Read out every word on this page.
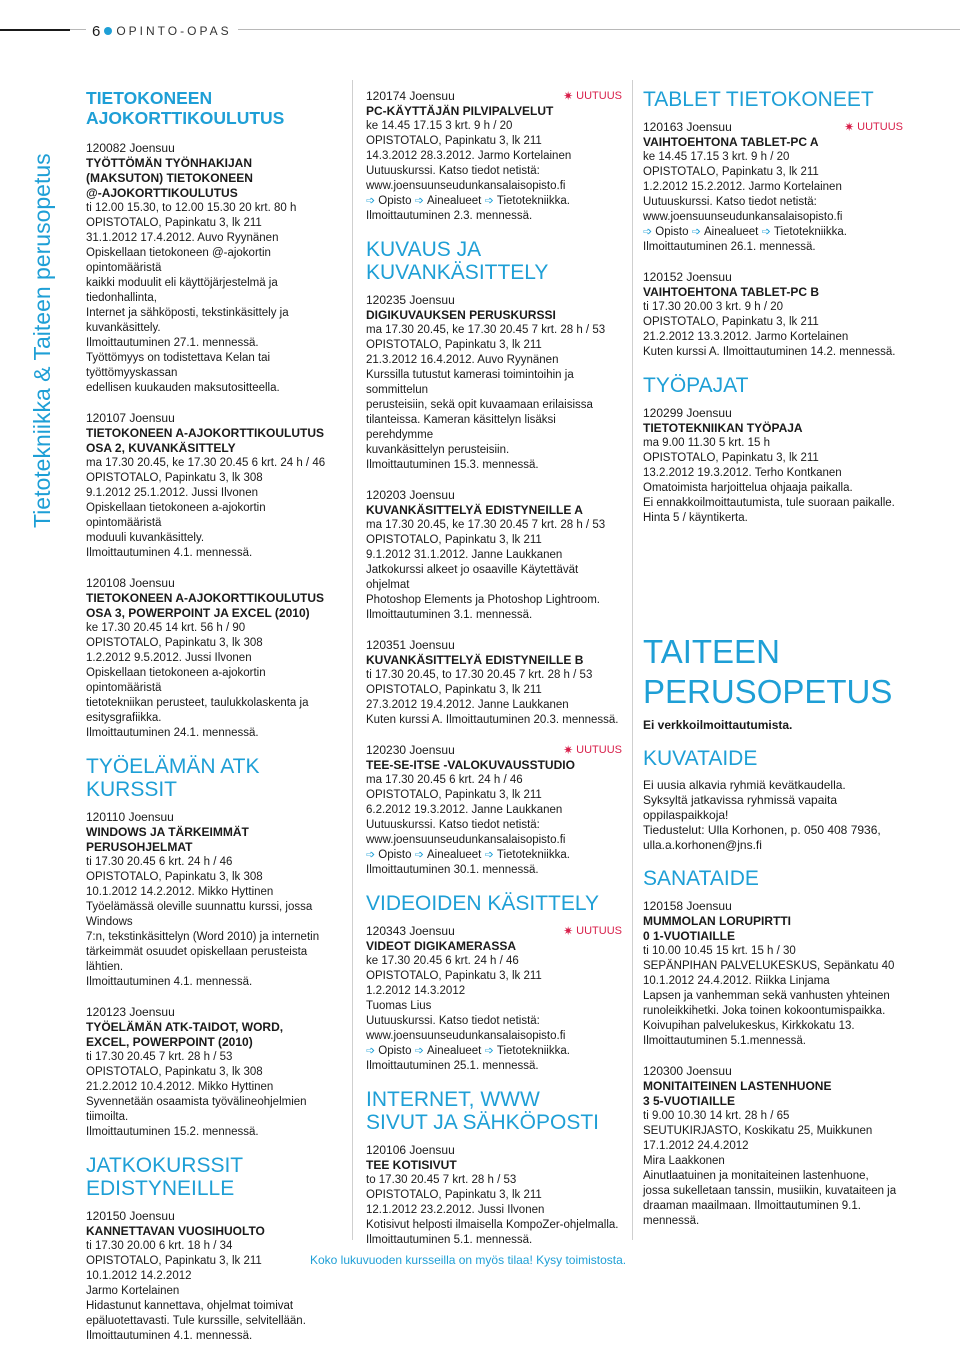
6 OPINTO-OPAS
Tietotekniikka & Taiteen perusopetus
TIETOKONEEN AJOKORTTIKOULUTUS
120082 Joensuu
TYÖTTÖMÄN TYÖNHAKIJAN
(MAKSUTON) TIETOKONEEN
@-AJOKORTTIKOULUTUS
ti 12.00 15.30, to 12.00 15.30 20 krt. 80 h
OPISTOTALO, Papinkatu 3, lk 211
31.1.2012 17.4.2012. Auvo Ryynänen
Opiskellaan tietokoneen @-ajokortin opintomääristä
kaikki moduulit eli käyttöjärjestelmä ja tiedonhallinta,
Internet ja sähköposti, tekstinkäsittely ja
kuvankäsittely.
Ilmoittautuminen 27.1. mennessä.
Työttömyys on todistettava Kelan tai työttömyyskassan
edellisen kuukauden maksutositteella.
120107 Joensuu
TIETOKONEEN A-AJOKORTTIKOULUTUS
OSA 2, KUVANKÄSITTELY
ma 17.30 20.45, ke 17.30 20.45 6 krt. 24 h / 46
OPISTOTALO, Papinkatu 3, lk 308
9.1.2012 25.1.2012. Jussi Ilvonen
Opiskellaan tietokoneen a-ajokortin opintomääristä
moduuli kuvankäsittely.
Ilmoittautuminen 4.1. mennessä.
120108 Joensuu
TIETOKONEEN A-AJOKORTTIKOULUTUS
OSA 3, POWERPOINT JA EXCEL (2010)
ke 17.30 20.45 14 krt. 56 h / 90
OPISTOTALO, Papinkatu 3, lk 308
1.2.2012 9.5.2012. Jussi Ilvonen
Opiskellaan tietokoneen a-ajokortin opintomääristä
tietotekniikan perusteet, taulukkolaskenta ja
esitysgrafiikka.
Ilmoittautuminen 24.1. mennessä.
TYÖELÄMÄN ATK KURSSIT
120110 Joensuu
WINDOWS JA TÄRKEIMMÄT
PERUSOHJELMAT
ti 17.30 20.45 6 krt. 24 h / 46
OPISTOTALO, Papinkatu 3, lk 308
10.1.2012 14.2.2012. Mikko Hyttinen
Työelämässä oleville suunnattu kurssi, jossa Windows
7:n, tekstinkäsittelyn (Word 2010) ja internetin
tärkeimmät osuudet opiskellaan perusteista lähtien.
Ilmoittautuminen 4.1. mennessä.
120123 Joensuu
TYÖELÄMÄN ATK-TAIDOT, WORD,
EXCEL, POWERPOINT (2010)
ti 17.30 20.45 7 krt. 28 h / 53
OPISTOTALO, Papinkatu 3, lk 308
21.2.2012 10.4.2012. Mikko Hyttinen
Syvennetään osaamista työvälineohjelmien tiimoilta.
Ilmoittautuminen 15.2. mennessä.
JATKOKURSSIT EDISTYNEILLE
120150 Joensuu
KANNETTAVAN VUOSIHUOLTO
ti 17.30 20.00 6 krt. 18 h / 34
OPISTOTALO, Papinkatu 3, lk 211
10.1.2012 14.2.2012
Jarmo Kortelainen
Hidastunut kannettava, ohjelmat toimivat
epäluotettavasti. Tule kurssille, selvitellään.
Ilmoittautuminen 4.1. mennessä.
120174 Joensuu	✷ UUTUUS
PC-KÄYTTÄJÄN PILVIPALVELUT
ke 14.45 17.15 3 krt. 9 h / 20
OPISTOTALO, Papinkatu 3, lk 211
14.3.2012 28.3.2012. Jarmo Kortelainen
Uutuuskurssi. Katso tiedot netistä:
www.joensuunseudunkansalaisopisto.fi
➩ Opisto ➩ Ainealueet ➩ Tietotekniikka.
Ilmoittautuminen 2.3. mennessä.
KUVAUS JA KUVANKÄSITTELY
120235 Joensuu
DIGIKUVAUKSEN PERUSKURSSI
ma 17.30 20.45, ke 17.30 20.45 7 krt. 28 h / 53
OPISTOTALO, Papinkatu 3, lk 211
21.3.2012 16.4.2012. Auvo Ryynänen
Kurssilla tutustut kamerasi toimintoihin ja sommittelun
perusteisiin, sekä opit kuvaamaan erilaisissa
tilanteissa. Kameran käsittelyn lisäksi perehdymme
kuvankäsittelyn perusteisiin.
Ilmoittautuminen 15.3. mennessä.
120203 Joensuu
KUVANKÄSITTELYÄ EDISTYNEILLE A
ma 17.30 20.45, ke 17.30 20.45 7 krt. 28 h / 53
OPISTOTALO, Papinkatu 3, lk 211
9.1.2012 31.1.2012. Janne Laukkanen
Jatkokurssi alkeet jo osaaville Käytettävät ohjelmat
Photoshop Elements ja Photoshop Lightroom.
Ilmoittautuminen 3.1. mennessä.
120351 Joensuu
KUVANKÄSITTELYÄ EDISTYNEILLE B
ti 17.30 20.45, to 17.30 20.45 7 krt. 28 h / 53
OPISTOTALO, Papinkatu 3, lk 211
27.3.2012 19.4.2012. Janne Laukkanen
Kuten kurssi A. Ilmoittautuminen 20.3. mennessä.
120230 Joensuu	✷ UUTUUS
TEE-SE-ITSE -VALOKUVAUSSTUDIO
ma 17.30 20.45 6 krt. 24 h / 46
OPISTOTALO, Papinkatu 3, lk 211
6.2.2012 19.3.2012. Janne Laukkanen
Uutuuskurssi. Katso tiedot netistä:
www.joensuunseudunkansalaisopisto.fi
➩ Opisto ➩ Ainealueet ➩ Tietotekniikka.
Ilmoittautuminen 30.1. mennessä.
VIDEOIDEN KÄSITTELY
120343 Joensuu	✷ UUTUUS
VIDEOT DIGIKAMERASSA
ke 17.30 20.45 6 krt. 24 h / 46
OPISTOTALO, Papinkatu 3, lk 211
1.2.2012 14.3.2012
Tuomas Lius
Uutuuskurssi. Katso tiedot netistä:
www.joensuunseudunkansalaisopisto.fi
➩ Opisto ➩ Ainealueet ➩ Tietotekniikka.
Ilmoittautuminen 25.1. mennessä.
INTERNET, WWW SIVUT JA SÄHKÖPOSTI
120106 Joensuu
TEE KOTISIVUT
to 17.30 20.45 7 krt. 28 h / 53
OPISTOTALO, Papinkatu 3, lk 211
12.1.2012 23.2.2012. Jussi Ilvonen
Kotisivut helposti ilmaisella KompoZer-ohjelmalla.
Ilmoittautuminen 5.1. mennessä.
TABLET TIETOKONEET
120163 Joensuu	✷ UUTUUS
VAIHTOEHTONA TABLET-PC A
ke 14.45 17.15 3 krt. 9 h / 20
OPISTOTALO, Papinkatu 3, lk 211
1.2.2012 15.2.2012. Jarmo Kortelainen
Uutuuskurssi. Katso tiedot netistä:
www.joensuunseudunkansalaisopisto.fi
➩ Opisto ➩ Ainealueet ➩ Tietotekniikka.
Ilmoittautuminen 26.1. mennessä.
120152 Joensuu
VAIHTOEHTONA TABLET-PC B
ti 17.30 20.00 3 krt. 9 h / 20
OPISTOTALO, Papinkatu 3, lk 211
21.2.2012 13.3.2012. Jarmo Kortelainen
Kuten kurssi A. Ilmoittautuminen 14.2. mennessä.
TYÖPAJAT
120299 Joensuu
TIETOTEKNIIKAN TYÖPAJA
ma 9.00 11.30 5 krt. 15 h
OPISTOTALO, Papinkatu 3, lk 211
13.2.2012 19.3.2012. Terho Kontkanen
Omatoimista harjoittelua ohjaaja paikalla.
Ei ennakkoilmoittautumista, tule suoraan paikalle.
Hinta 5 / käyntikerta.
TAITEEN
PERUSOPETUS
Ei verkkoilmoittautumista.
KUVATAIDE
Ei uusia alkavia ryhmiä kevätkaudella.
Syksyltä jatkavissa ryhmissä vapaita oppilaspaikkoja!
Tiedustelut: Ulla Korhonen, p. 050 408 7936,
ulla.a.korhonen@jns.fi
SANATAIDE
120158 Joensuu
MUMMOLAN LORUPIRTTI
0 1-VUOTIAILLE
ti 10.00 10.45 15 krt. 15 h / 30
SEPÄNPIHAN PALVELUKESKUS, Sepänkatu 40
10.1.2012 24.4.2012. Riikka Linjama
Lapsen ja vanhemman sekä vanhusten yhteinen
runoleikkihetki. Joka toinen kokoontumispaikka.
Koivupihan palvelukeskus, Kirkkokatu 13.
Ilmoittautuminen 5.1.mennessä.
120300 Joensuu
MONITAITEINEN LASTENHUONE
3 5-VUOTIAILLE
ti 9.00 10.30 14 krt. 28 h / 65
SEUTUKIRJASTO, Koskikatu 25, Muikkunen
17.1.2012 24.4.2012
Mira Laakkonen
Ainutlaatuinen ja monitaiteinen lastenhuone,
jossa sukelletaan tanssin, musiikin, kuvataiteen ja
draaman maailmaan. Ilmoittautuminen 9.1. mennessä.
Koko lukuvuoden kursseilla on myös tilaa! Kysy toimistosta.
